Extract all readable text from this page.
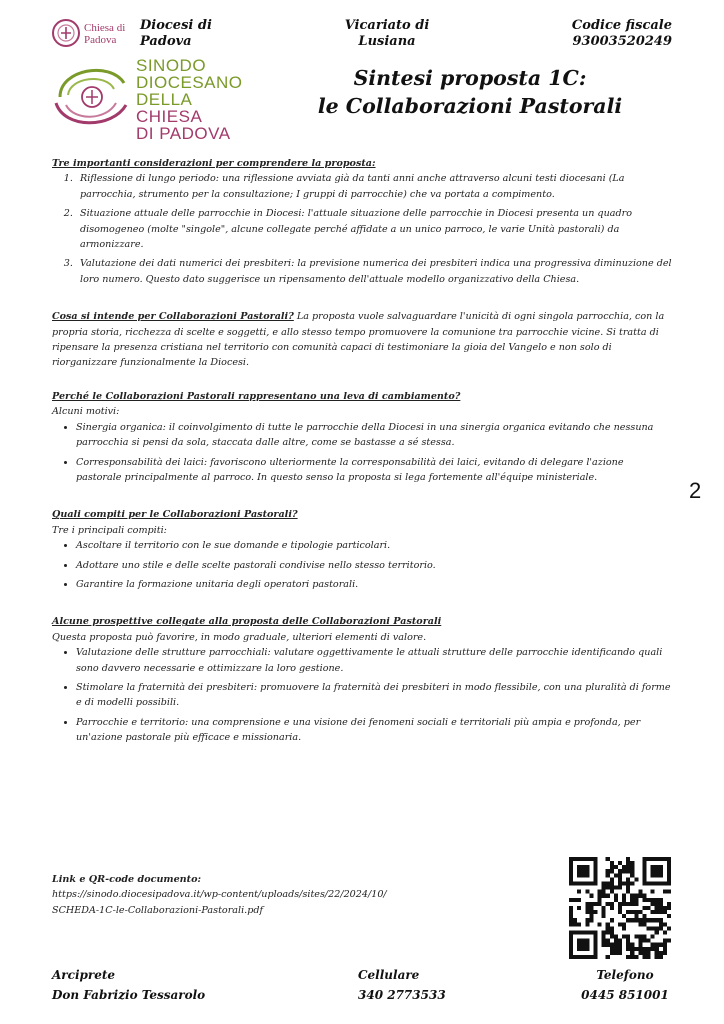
Chiesa di
Padova
SINODO
DIOCESANO
DELLA CHIESA
DI PADOVA
Diocesi di
Padova
Vicariato di
Lusiana
Codice fiscale
93003520249
Sintesi proposta 1C:
le Collaborazioni Pastorali

Tre importanti considerazioni per comprendere la proposta:

1. Riflessione di lungo periodo: una riflessione avviata già da tanti anni anche attraverso alcuni testi diocesani (La parrocchia, strumento per la consultazione; I gruppi di parrocchie) che va portata a compimento.
2. Situazione attuale delle parrocchie in Diocesi: l'attuale situazione delle parrocchie in Diocesi presenta un quadro disomogeneo (molte "singole", alcune collegate perché affidate a un unico parroco, le varie Unità pastorali) da armonizzare.
3. Valutazione dei dati numerici dei presbiteri: la previsione numerica dei presbiteri indica una progressiva diminuzione del loro numero. Questo dato suggerisce un ripensamento dell'attuale modello organizzativo della Chiesa.

Cosa si intende per Collaborazioni Pastorali? La proposta vuole salvaguardare l'unicità di ogni singola parrocchia, con la propria storia, ricchezza di scelte e soggetti, e allo stesso tempo promuovere la comunione tra parrocchie vicine. Si tratta di ripensare la presenza cristiana nel territorio con comunità capaci di testimoniare la gioia del Vangelo e non solo di riorganizzare funzionalmente la Diocesi.

Perché le Collaborazioni Pastorali rappresentano una leva di cambiamento?

Alcuni motivi:

• Sinergia organica: il coinvolgimento di tutte le parrocchie della Diocesi in una sinergia organica evitando che nessuna parrocchia si pensi da sola, staccata dalle altre, come se bastasse a sé stessa.
• Corresponsabilità dei laici: favoriscono ulteriormente la corresponsabilità dei laici, evitando di delegare l'azione pastorale principalmente al parroco. In questo senso la proposta si lega fortemente all'équipe ministeriale.

Quali compiti per le Collaborazioni Pastorali?

Tre i principali compiti:

• Ascoltare il territorio con le sue domande e tipologie particolari.
• Adottare uno stile e delle scelte pastorali condivise nello stesso territorio.
• Garantire la formazione unitaria degli operatori pastorali.

Alcune prospettive collegate alla proposta delle Collaborazioni Pastorali

Questa proposta può favorire, in modo graduale, ulteriori elementi di valore.

• Valutazione delle strutture parrocchiali: valutare oggettivamente le attuali strutture delle parrocchie identificando quali sono davvero necessarie e ottimizzare la loro gestione.
• Stimolare la fraternità dei presbiteri: promuovere la fraternità dei presbiteri in modo flessibile, con una pluralità di forme e di modelli possibili.
• Parrocchie e territorio: una comprensione e una visione dei fenomeni sociali e territoriali più ampia e profonda, per un'azione pastorale più efficace e missionaria.
2
Link e QR-code documento:
https://sinodo.diocesipadova.it/wp-content/uploads/sites/22/2024/10/
SCHEDA-1C-le-Collaborazioni-Pastorali.pdf
Arciprete
Don Fabrizio Tessarolo
Cellulare
340 2773533
Telefono
0445 851001
